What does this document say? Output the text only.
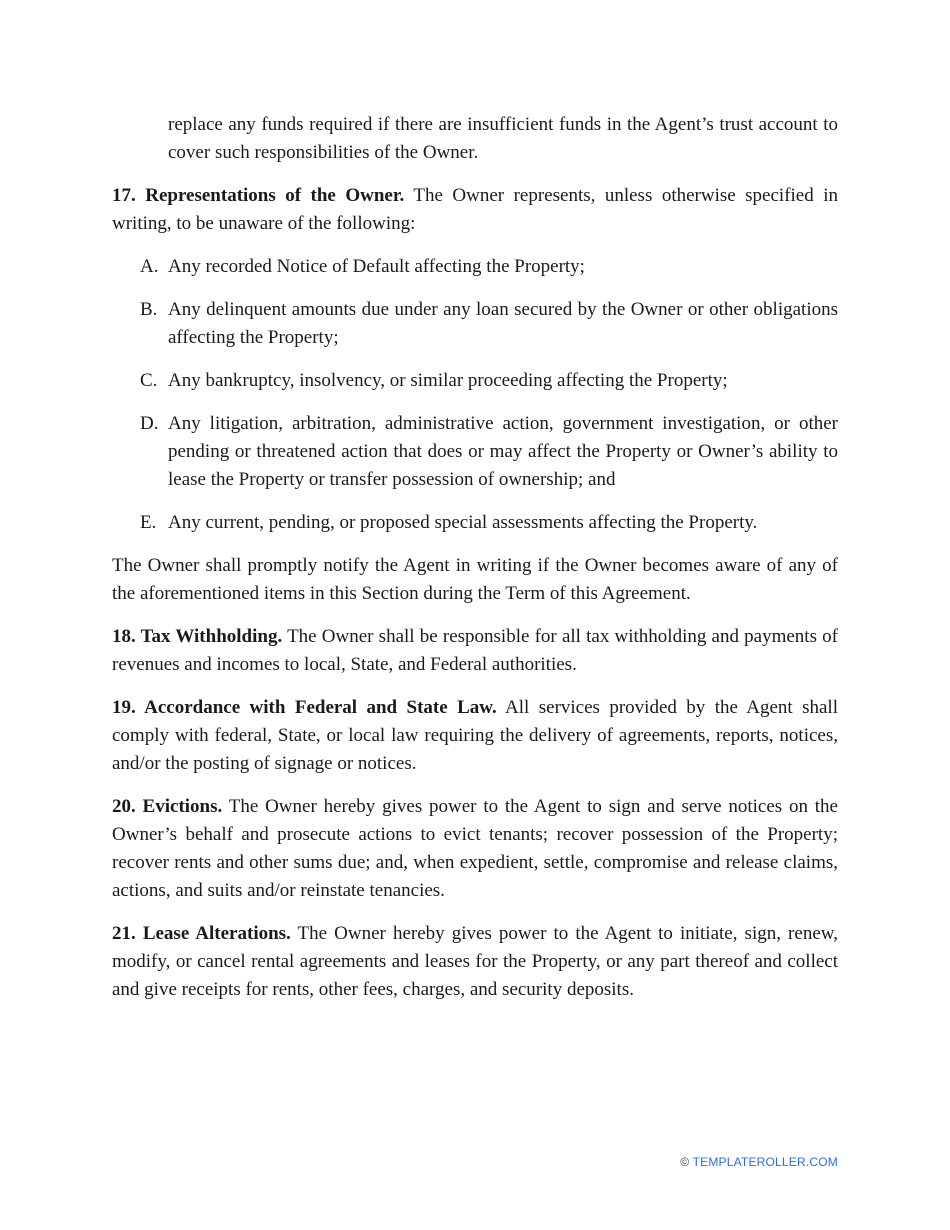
replace any funds required if there are insufficient funds in the Agent’s trust account to cover such responsibilities of the Owner.

17. Representations of the Owner. The Owner represents, unless otherwise specified in writing, to be unaware of the following:

A. Any recorded Notice of Default affecting the Property;
B. Any delinquent amounts due under any loan secured by the Owner or other obligations affecting the Property;
C. Any bankruptcy, insolvency, or similar proceeding affecting the Property;
D. Any litigation, arbitration, administrative action, government investigation, or other pending or threatened action that does or may affect the Property or Owner’s ability to lease the Property or transfer possession of ownership; and
E. Any current, pending, or proposed special assessments affecting the Property.

The Owner shall promptly notify the Agent in writing if the Owner becomes aware of any of the aforementioned items in this Section during the Term of this Agreement.

18. Tax Withholding. The Owner shall be responsible for all tax withholding and payments of revenues and incomes to local, State, and Federal authorities.

19. Accordance with Federal and State Law. All services provided by the Agent shall comply with federal, State, or local law requiring the delivery of agreements, reports, notices, and/or the posting of signage or notices.

20. Evictions. The Owner hereby gives power to the Agent to sign and serve notices on the Owner’s behalf and prosecute actions to evict tenants; recover possession of the Property; recover rents and other sums due; and, when expedient, settle, compromise and release claims, actions, and suits and/or reinstate tenancies.

21. Lease Alterations. The Owner hereby gives power to the Agent to initiate, sign, renew, modify, or cancel rental agreements and leases for the Property, or any part thereof and collect and give receipts for rents, other fees, charges, and security deposits.

© TEMPLATEROLLER.COM
